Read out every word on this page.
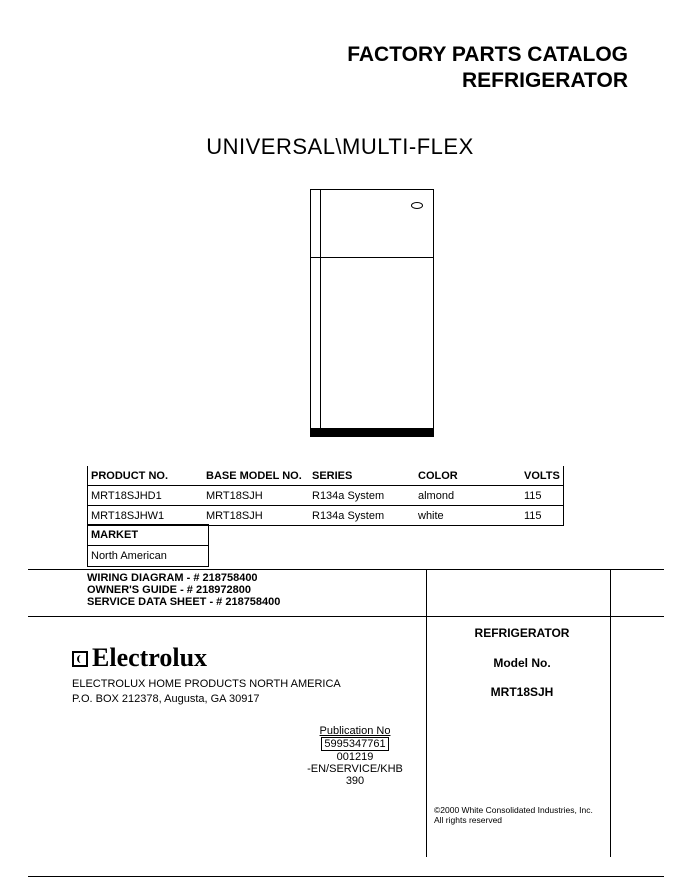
FACTORY PARTS CATALOG
REFRIGERATOR
UNIVERSAL\MULTI-FLEX
PRODUCT NO.	BASE MODEL NO.	SERIES	COLOR	VOLTS
MRT18SJHD1	MRT18SJH	R134a System	almond	115
MRT18SJHW1	MRT18SJH	R134a System	white	115
MARKET
North American
WIRING DIAGRAM - # 218758400
OWNER'S GUIDE - # 218972800
SERVICE DATA SHEET - # 218758400
Electrolux
ELECTROLUX HOME PRODUCTS NORTH AMERICA
P.O. BOX 212378, Augusta, GA 30917
Publication No
5995347761
001219
-EN/SERVICE/KHB
390
REFRIGERATOR
Model No.
MRT18SJH
©2000 White Consolidated Industries, Inc.
All rights reserved
